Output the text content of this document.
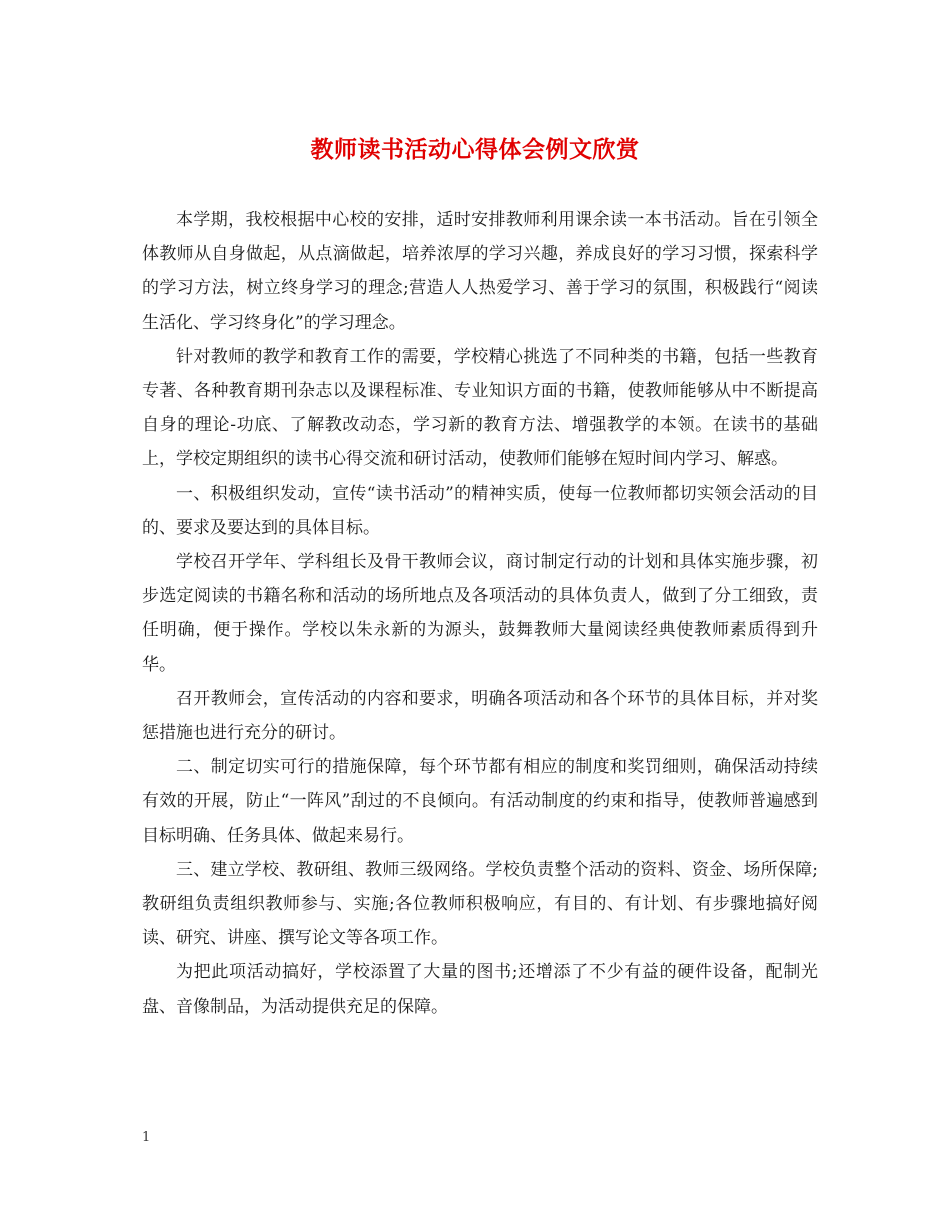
教师读书活动心得体会例文欣赏

本学期，我校根据中心校的安排，适时安排教师利用课余读一本书活动。旨在引领全体教师从自身做起，从点滴做起，培养浓厚的学习兴趣，养成良好的学习习惯，探索科学的学习方法，树立终身学习的理念;营造人人热爱学习、善于学习的氛围，积极践行“阅读生活化、学习终身化”的学习理念。

针对教师的教学和教育工作的需要，学校精心挑选了不同种类的书籍，包括一些教育专著、各种教育期刊杂志以及课程标准、专业知识方面的书籍，使教师能够从中不断提高自身的理论-功底、了解教改动态，学习新的教育方法、增强教学的本领。在读书的基础上，学校定期组织的读书心得交流和研讨活动，使教师们能够在短时间内学习、解惑。

一、积极组织发动，宣传“读书活动”的精神实质，使每一位教师都切实领会活动的目的、要求及要达到的具体目标。

学校召开学年、学科组长及骨干教师会议，商讨制定行动的计划和具体实施步骤，初步选定阅读的书籍名称和活动的场所地点及各项活动的具体负责人，做到了分工细致，责任明确，便于操作。学校以朱永新的为源头，鼓舞教师大量阅读经典使教师素质得到升华。

召开教师会，宣传活动的内容和要求，明确各项活动和各个环节的具体目标，并对奖惩措施也进行充分的研讨。

二、制定切实可行的措施保障，每个环节都有相应的制度和奖罚细则，确保活动持续有效的开展，防止“一阵风”刮过的不良倾向。有活动制度的约束和指导，使教师普遍感到目标明确、任务具体、做起来易行。

三、建立学校、教研组、教师三级网络。学校负责整个活动的资料、资金、场所保障;教研组负责组织教师参与、实施;各位教师积极响应，有目的、有计划、有步骤地搞好阅读、研究、讲座、撰写论文等各项工作。

为把此项活动搞好，学校添置了大量的图书;还增添了不少有益的硬件设备，配制光盘、音像制品，为活动提供充足的保障。

1
